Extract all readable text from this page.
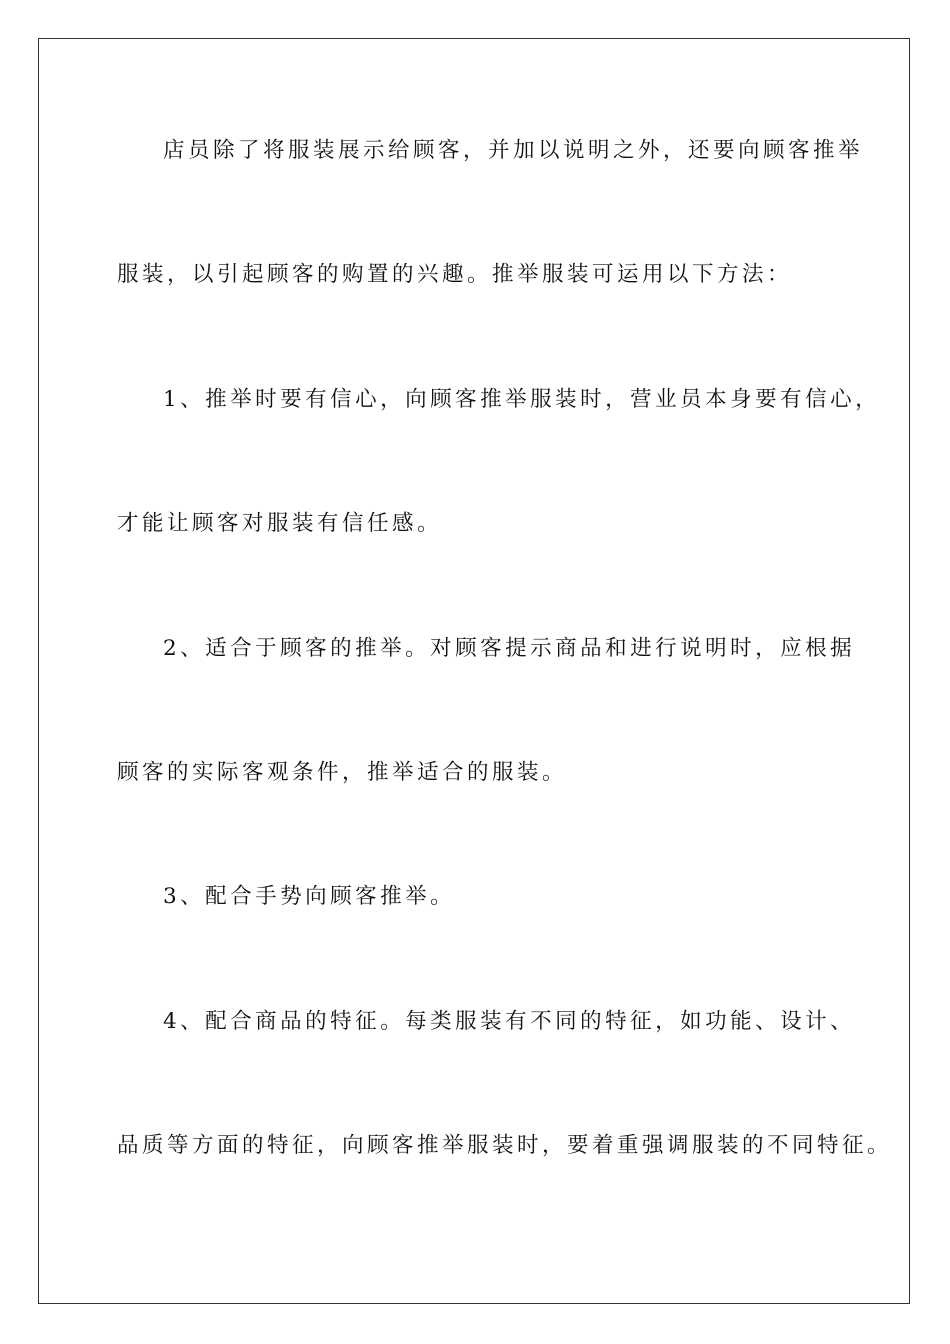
店员除了将服装展示给顾客，并加以说明之外，还要向顾客推举
服装，以引起顾客的购置的兴趣。推举服装可运用以下方法：
1、推举时要有信心，向顾客推举服装时，营业员本身要有信心，
才能让顾客对服装有信任感。
2、适合于顾客的推举。对顾客提示商品和进行说明时，应根据
顾客的实际客观条件，推举适合的服装。
3、配合手势向顾客推举。
4、配合商品的特征。每类服装有不同的特征，如功能、设计、
品质等方面的特征，向顾客推举服装时，要着重强调服装的不同特征。
